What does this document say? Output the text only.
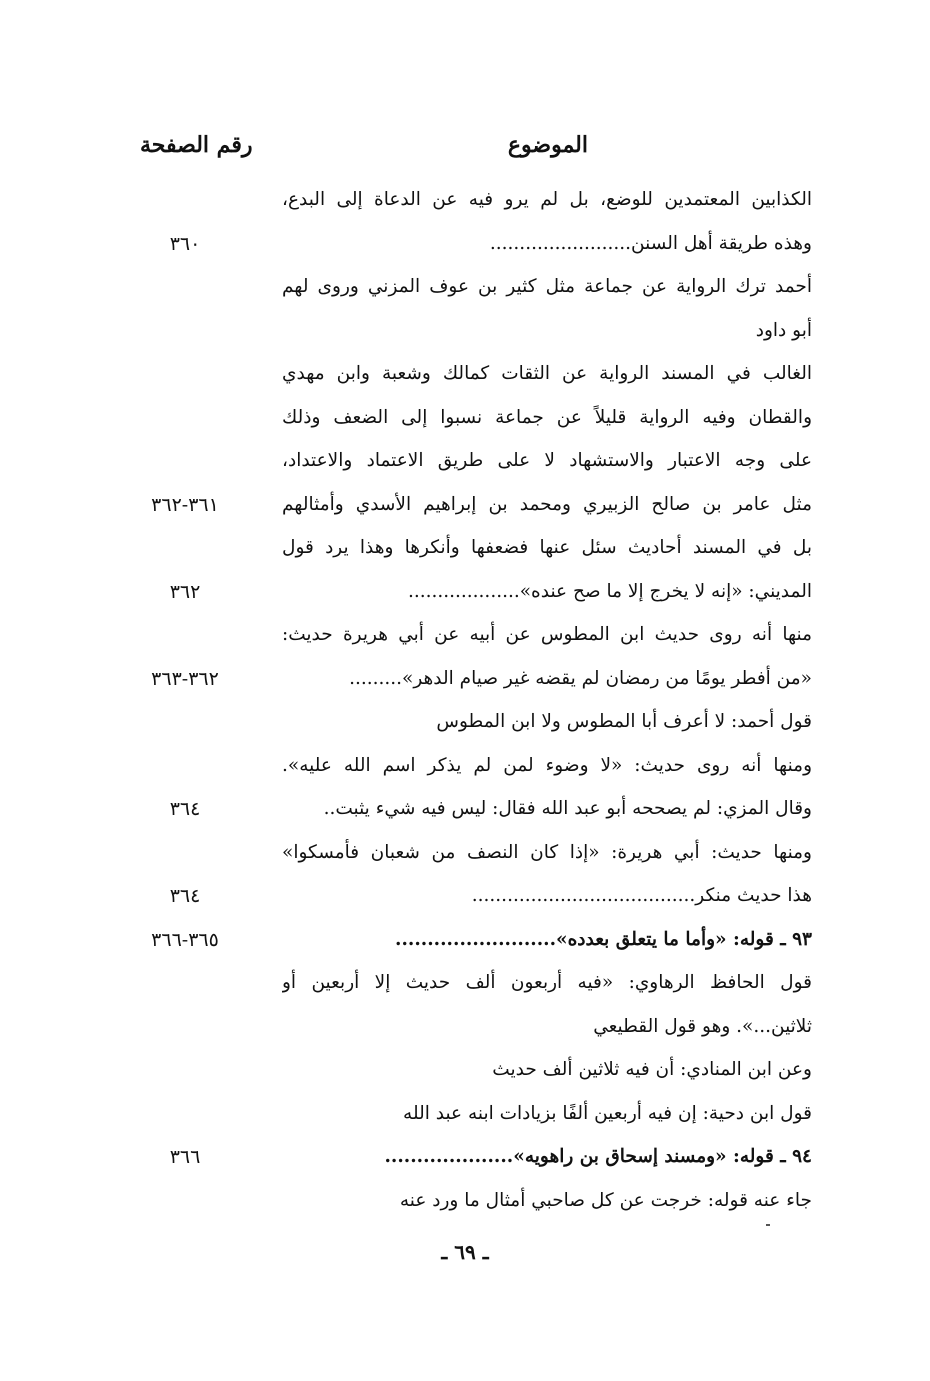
الموضوع
رقم الصفحة
الكذابين المعتمدين للوضع، بل لم يرو فيه عن الدعاة إلى البدع،
وهذه طريقة أهل السنن........................
٣٦٠
أحمد ترك الرواية عن جماعة مثل كثير بن عوف المزني وروى لهم
أبو داود
الغالب في المسند الرواية عن الثقات كمالك وشعبة وابن مهدي
والقطان وفيه الرواية قليلاً عن جماعة نسبوا إلى الضعف وذلك
على وجه الاعتبار والاستشهاد لا على طريق الاعتماد والاعتداد،
مثل عامر بن صالح الزبيري ومحمد بن إبراهيم الأسدي وأمثالهم
٣٦١-٣٦٢
بل في المسند أحاديث سئل عنها فضعفها وأنكرها وهذا يرد قول
المديني: «إنه لا يخرج إلا ما صح عنده»...................
٣٦٢
منها أنه روى حديث ابن المطوس عن أبيه عن أبي هريرة حديث:
«من أفطر يومًا من رمضان لم يقضه غير صيام الدهر».........
٣٦٢-٣٦٣
قول أحمد: لا أعرف أبا المطوس ولا ابن المطوس
ومنها أنه روى حديث: «لا وضوء لمن لم يذكر اسم الله عليه».
وقال المزي: لم يصححه أبو عبد الله فقال: ليس فيه شيء يثبت..
٣٦٤
ومنها حديث: أبي هريرة: «إذا كان النصف من شعبان فأمسكوا»
هذا حديث منكر......................................
٣٦٤
٩٣ ـ قوله: «وأما ما يتعلق بعدده».........................
٣٦٥-٣٦٦
قول الحافظ الرهاوي: «فيه أربعون ألف حديث إلا أربعين أو
ثلاثين...». وهو قول القطيعي
وعن ابن المنادي: أن فيه ثلاثين ألف حديث
قول ابن دحية: إن فيه أربعين ألفًا بزيادات ابنه عبد الله
٩٤ ـ قوله: «ومسند إسحاق بن راهويه»....................
٣٦٦
جاء عنه قوله: خرجت عن كل صاحبي أمثال ما ورد عنه
ـ ٦٩ ـ
